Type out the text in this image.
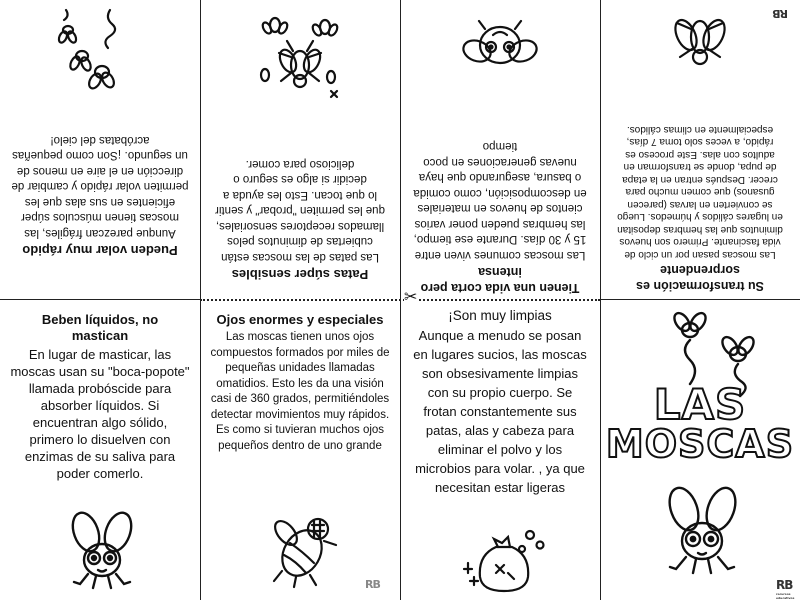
Pueden volar muy rápido
Aunque parezcan frágiles, las moscas tienen músculos súper eficientes en sus alas que les permiten volar rápido y cambiar de dirección en el aire en menos de un segundo. ¡Son como pequeñas acróbatas del cielo!
Patas súper sensibles
Las patas de las moscas están cubiertas de diminutos pelos llamados receptores sensoriales, que les permiten "probar" y sentir lo que tocan. Esto les ayuda a decidir si algo es seguro o delicioso para comer.
Tienen una vida corta pero intensa
Las moscas comunes viven entre 15 y 30 días. Durante ese tiempo, las hembras pueden poner varios cientos de huevos en materiales en descomposición, como comida o basura, asegurando que haya nuevas generaciones en poco tiempo
Su transformación es sorprendente
Las moscas pasan por un ciclo de vida fascinante. Primero son huevos diminutos que las hembras depositan en lugares cálidos y húmedos. Luego se convierten en larvas (parecen gusanos) que comen mucho para crecer. Después entran en la etapa de pupa, donde se transforman en adultos con alas. Este proceso es rápido, a veces solo toma 7 días, especialmente en climas cálidos.
RB
Beben líquidos, no mastican
En lugar de masticar, las moscas usan su "boca-popote" llamada probóscide para absorber líquidos. Si encuentran algo sólido, primero lo disuelven con enzimas de su saliva para poder comerlo.
Ojos enormes y especiales
Las moscas tienen unos ojos compuestos formados por miles de pequeñas unidades llamadas omatidios. Esto les da una visión casi de 360 grados, permitiéndoles detectar movimientos muy rápidos. Es como si tuvieran muchos ojos pequeños dentro de uno grande
RB
¡Son muy limpias
Aunque a menudo se posan en lugares sucios, las moscas son obsesivamente limpias con su propio cuerpo. Se frotan constantemente sus patas, alas y cabeza para eliminar el polvo y los microbios para volar. , ya que necesitan estar ligeras
LAS
MOSCAS
RB
recursos educativos
✂
